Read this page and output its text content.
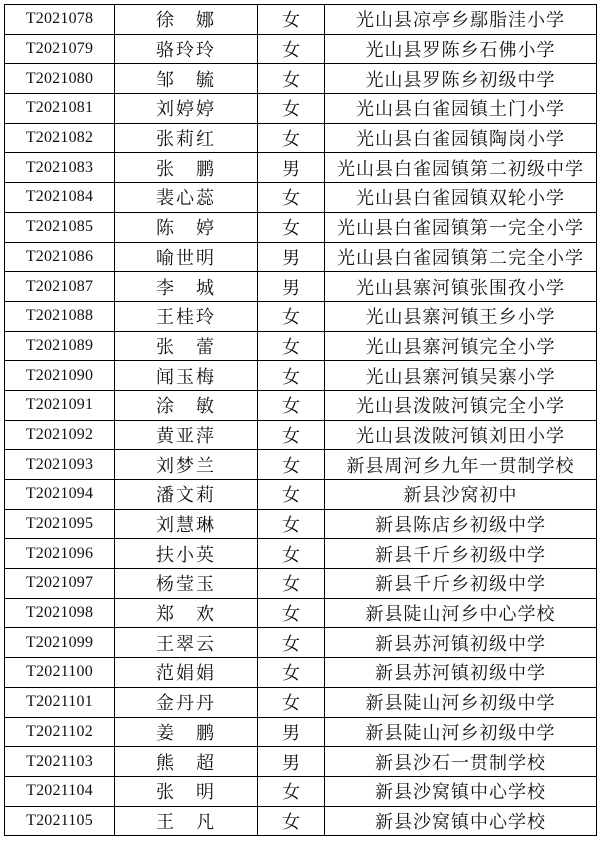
T2021078	徐　娜	女	光山县凉亭乡鄢脂洼小学
T2021079	骆玲玲	女	光山县罗陈乡石佛小学
T2021080	邹　毓	女	光山县罗陈乡初级中学
T2021081	刘婷婷	女	光山县白雀园镇土门小学
T2021082	张莉红	女	光山县白雀园镇陶岗小学
T2021083	张　鹏	男	光山县白雀园镇第二初级中学
T2021084	裴心蕊	女	光山县白雀园镇双轮小学
T2021085	陈　婷	女	光山县白雀园镇第一完全小学
T2021086	喻世明	男	光山县白雀园镇第二完全小学
T2021087	李　城	男	光山县寨河镇张围孜小学
T2021088	王桂玲	女	光山县寨河镇王乡小学
T2021089	张　蕾	女	光山县寨河镇完全小学
T2021090	闻玉梅	女	光山县寨河镇吴寨小学
T2021091	涂　敏	女	光山县泼陂河镇完全小学
T2021092	黄亚萍	女	光山县泼陂河镇刘田小学
T2021093	刘梦兰	女	新县周河乡九年一贯制学校
T2021094	潘文莉	女	新县沙窝初中
T2021095	刘慧琳	女	新县陈店乡初级中学
T2021096	扶小英	女	新县千斤乡初级中学
T2021097	杨莹玉	女	新县千斤乡初级中学
T2021098	郑　欢	女	新县陡山河乡中心学校
T2021099	王翠云	女	新县苏河镇初级中学
T2021100	范娟娟	女	新县苏河镇初级中学
T2021101	金丹丹	女	新县陡山河乡初级中学
T2021102	姜　鹏	男	新县陡山河乡初级中学
T2021103	熊　超	男	新县沙石一贯制学校
T2021104	张　明	女	新县沙窝镇中心学校
T2021105	王　凡	女	新县沙窝镇中心学校
